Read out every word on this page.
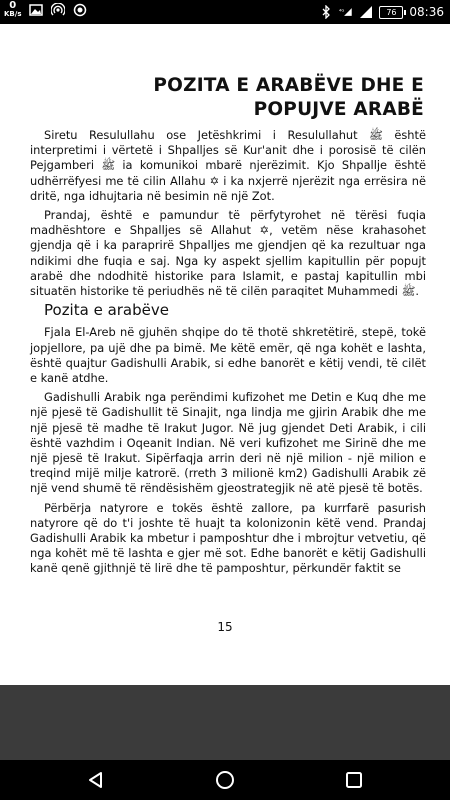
0
KB/s
4G	76	08:36
POZITA E ARABËVE DHE E POPUJVE ARABË

Siretu Resulullahu ose Jetëshkrimi i Resulullahut ﷺ është interpretimi i vërtetë i Shpalljes së Kur'anit dhe i porosisë të cilën Pejgamberi ﷺ ia komunikoi mbarë njerëzimit. Kjo Shpallje është udhërrëfyesi me të cilin Allahu ✡ i ka nxjerrë njerëzit nga errësira në dritë, nga idhujtaria në besimin në një Zot.

Prandaj, është e pamundur të përfytyrohet në tërësi fuqia madhështore e Shpalljes së Allahut ✡, vetëm nëse krahasohet gjendja që i ka paraprirë Shpalljes me gjendjen që ka rezultuar nga ndikimi dhe fuqia e saj. Nga ky aspekt sjellim kapitullin për popujt arabë dhe ndodhitë historike para Islamit, e pastaj kapitullin mbi situatën historike të periudhës në të cilën paraqitet Muhammedi ﷺ.

Pozita e arabëve

Fjala El-Areb në gjuhën shqipe do të thotë shkretëtirë, stepë, tokë jopjellore, pa ujë dhe pa bimë. Me këtë emër, që nga kohët e lashta, është quajtur Gadishulli Arabik, si edhe banorët e këtij vendi, të cilët e kanë atdhe.

Gadishulli Arabik nga perëndimi kufizohet me Detin e Kuq dhe me një pjesë të Gadishullit të Sinajit, nga lindja me gjirin Arabik dhe me një pjesë të madhe të Irakut Jugor. Në jug gjendet Deti Arabik, i cili është vazhdim i Oqeanit Indian. Në veri kufizohet me Sirinë dhe me një pjesë të Irakut. Sipërfaqja arrin deri në një milion - një milion e treqind mijë milje katrorë. (rreth 3 milionë km2) Gadishulli Arabik zë një vend shumë të rëndësishëm gjeostrategjik në atë pjesë të botës.

Përbërja natyrore e tokës është zallore, pa kurrfarë pasurish natyrore që do t'i joshte të huajt ta kolonizonin këtë vend. Prandaj Gadishulli Arabik ka mbetur i pamposhtur dhe i mbrojtur vetvetiu, që nga kohët më të lashta e gjer më sot. Edhe banorët e këtij Gadishulli kanë qenë gjithnjë të lirë dhe të pamposhtur, përkundër faktit se

15
